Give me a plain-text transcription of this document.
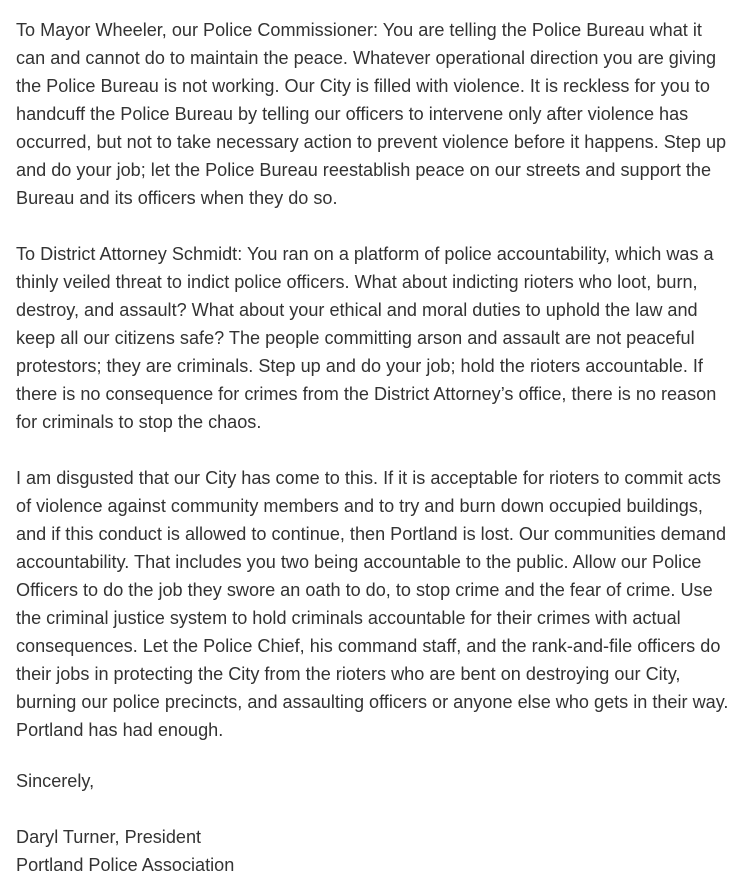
To Mayor Wheeler, our Police Commissioner: You are telling the Police Bureau what it can and cannot do to maintain the peace. Whatever operational direction you are giving the Police Bureau is not working. Our City is filled with violence. It is reckless for you to handcuff the Police Bureau by telling our officers to intervene only after violence has occurred, but not to take necessary action to prevent violence before it happens. Step up and do your job; let the Police Bureau reestablish peace on our streets and support the Bureau and its officers when they do so.

To District Attorney Schmidt: You ran on a platform of police accountability, which was a thinly veiled threat to indict police officers. What about indicting rioters who loot, burn, destroy, and assault? What about your ethical and moral duties to uphold the law and keep all our citizens safe? The people committing arson and assault are not peaceful protestors; they are criminals. Step up and do your job; hold the rioters accountable. If there is no consequence for crimes from the District Attorney’s office, there is no reason for criminals to stop the chaos.

I am disgusted that our City has come to this. If it is acceptable for rioters to commit acts of violence against community members and to try and burn down occupied buildings, and if this conduct is allowed to continue, then Portland is lost. Our communities demand accountability. That includes you two being accountable to the public. Allow our Police Officers to do the job they swore an oath to do, to stop crime and the fear of crime. Use the criminal justice system to hold criminals accountable for their crimes with actual consequences. Let the Police Chief, his command staff, and the rank-and-file officers do their jobs in protecting the City from the rioters who are bent on destroying our City, burning our police precincts, and assaulting officers or anyone else who gets in their way. Portland has had enough.

Sincerely,

Daryl Turner, President
Portland Police Association
